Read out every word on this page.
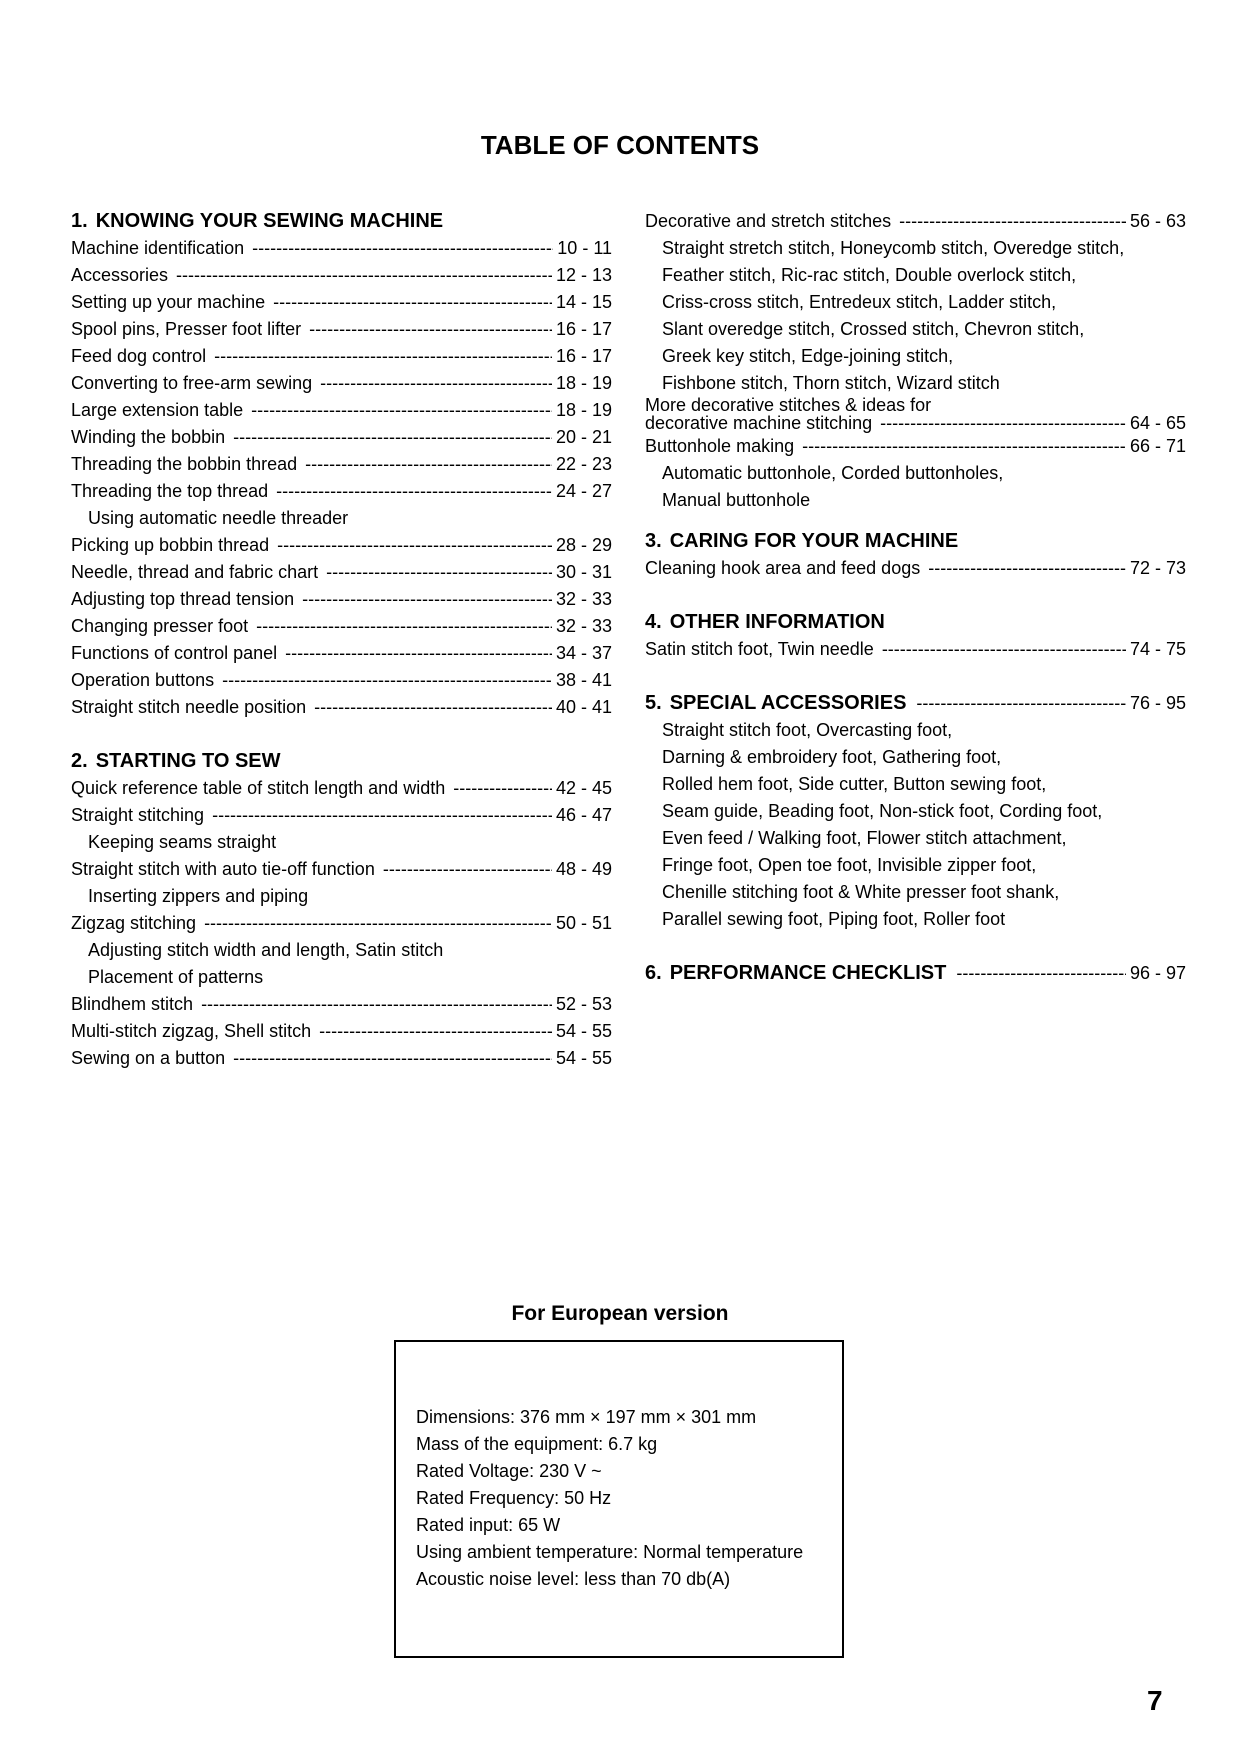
TABLE OF CONTENTS
1. KNOWING YOUR SEWING MACHINE
Machine identification -----	10 - 11
Accessories -----	12 - 13
Setting up your machine -----	14 - 15
Spool pins, Presser foot lifter -----	16 - 17
Feed dog control -----	16 - 17
Converting to free-arm sewing -----	18 - 19
Large extension table -----	18 - 19
Winding the bobbin -----	20 - 21
Threading the bobbin thread -----	22 - 23
Threading the top thread -----	24 - 27
Using automatic needle threader
Picking up bobbin thread -----	28 - 29
Needle, thread and fabric chart -----	30 - 31
Adjusting top thread tension -----	32 - 33
Changing presser foot -----	32 - 33
Functions of control panel -----	34 - 37
Operation buttons -----	38 - 41
Straight stitch needle position -----	40 - 41
2. STARTING TO SEW
Quick reference table of stitch length and width -----	42 - 45
Straight stitching -----	46 - 47
Keeping seams straight
Straight stitch with auto tie-off function -----	48 - 49
Inserting zippers and piping
Zigzag stitching -----	50 - 51
Adjusting stitch width and length, Satin stitch
Placement of patterns
Blindhem stitch -----	52 - 53
Multi-stitch zigzag, Shell stitch -----	54 - 55
Sewing on a button -----	54 - 55
Decorative and stretch stitches -----	56 - 63
Straight stretch stitch, Honeycomb stitch, Overedge stitch,
Feather stitch, Ric-rac stitch, Double overlock stitch,
Criss-cross stitch, Entredeux stitch, Ladder stitch,
Slant overedge stitch, Crossed stitch, Chevron stitch,
Greek key stitch, Edge-joining stitch,
Fishbone stitch, Thorn stitch, Wizard stitch
More decorative stitches & ideas for
decorative machine stitching -----	64 - 65
Buttonhole making -----	66 - 71
Automatic buttonhole, Corded buttonholes,
Manual buttonhole
3. CARING FOR YOUR MACHINE
Cleaning hook area and feed dogs -----	72 - 73
4. OTHER INFORMATION
Satin stitch foot, Twin needle -----	74 - 75
5. SPECIAL ACCESSORIES -----	76 - 95
Straight stitch foot, Overcasting foot,
Darning & embroidery foot, Gathering foot,
Rolled hem foot, Side cutter, Button sewing foot,
Seam guide, Beading foot, Non-stick foot, Cording foot,
Even feed / Walking foot, Flower stitch attachment,
Fringe foot, Open toe foot, Invisible zipper foot,
Chenille stitching foot & White presser foot shank,
Parallel sewing foot, Piping foot, Roller foot
6. PERFORMANCE CHECKLIST -----	96 - 97
For European version
Dimensions: 376 mm × 197 mm × 301 mm
Mass of the equipment: 6.7 kg
Rated Voltage: 230 V ~
Rated Frequency: 50 Hz
Rated input: 65 W
Using ambient temperature: Normal temperature
Acoustic noise level: less than 70 db(A)
7
